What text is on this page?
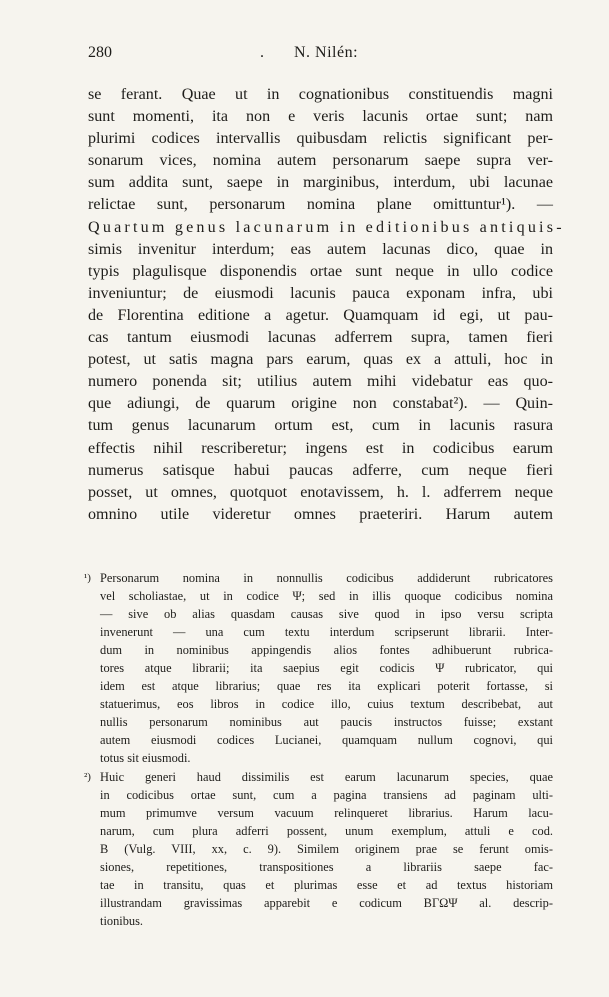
280	. N. Nilén:
se ferant. Quae ut in cognationibus constituendis magni
sunt momenti, ita non e veris lacunis ortae sunt; nam
plurimi codices intervallis quibusdam relictis significant per-
sonarum vices, nomina autem personarum saepe supra ver-
sum addita sunt, saepe in marginibus, interdum, ubi lacunae
relictae sunt, personarum nomina plane omittuntur¹). —
Quartum genus lacunarum in editionibus antiquis-
simis invenitur interdum; eas autem lacunas dico, quae in
typis plagulisque disponendis ortae sunt neque in ullo codice
inveniuntur; de eiusmodi lacunis pauca exponam infra, ubi
de Florentina editione a agetur. Quamquam id egi, ut pau-
cas tantum eiusmodi lacunas adferrem supra, tamen fieri
potest, ut satis magna pars earum, quas ex a attuli, hoc in
numero ponenda sit; utilius autem mihi videbatur eas quo-
que adiungi, de quarum origine non constabat²). — Quin-
tum genus lacunarum ortum est, cum in lacunis rasura
effectis nihil rescriberetur; ingens est in codicibus earum
numerus satisque habui paucas adferre, cum neque fieri
posset, ut omnes, quotquot enotavissem, h. l. adferrem neque
omnino utile videretur omnes praeteriri. Harum autem
¹) Personarum nomina in nonnullis codicibus addiderunt rubricatores
vel scholiastae, ut in codice Ψ; sed in illis quoque codicibus nomina
— sive ob alias quasdam causas sive quod in ipso versu scripta
invenerunt — una cum textu interdum scripserunt librarii. Inter-
dum in nominibus appingendis alios fontes adhibuerunt rubrica-
tores atque librarii; ita saepius egit codicis Ψ rubricator, qui
idem est atque librarius; quae res ita explicari poterit fortasse, si
statuerimus, eos libros in codice illo, cuius textum describebat, aut
nullis personarum nominibus aut paucis instructos fuisse; exstant
autem eiusmodi codices Lucianei, quamquam nullum cognovi, qui
totus sit eiusmodi.
²) Huic generi haud dissimilis est earum lacunarum species, quae
in codicibus ortae sunt, cum a pagina transiens ad paginam ulti-
mum primumve versum vacuum relinqueret librarius. Harum lacu-
narum, cum plura adferri possent, unum exemplum, attuli e cod.
B (Vulg. VIII, xx, c. 9). Similem originem prae se ferunt omis-
siones, repetitiones, transpositiones a librariis saepe fac-
tae in transitu, quas et plurimas esse et ad textus historiam
illustrandam gravissimas apparebit e codicum BΓΩΨ al. descrip-
tionibus.
